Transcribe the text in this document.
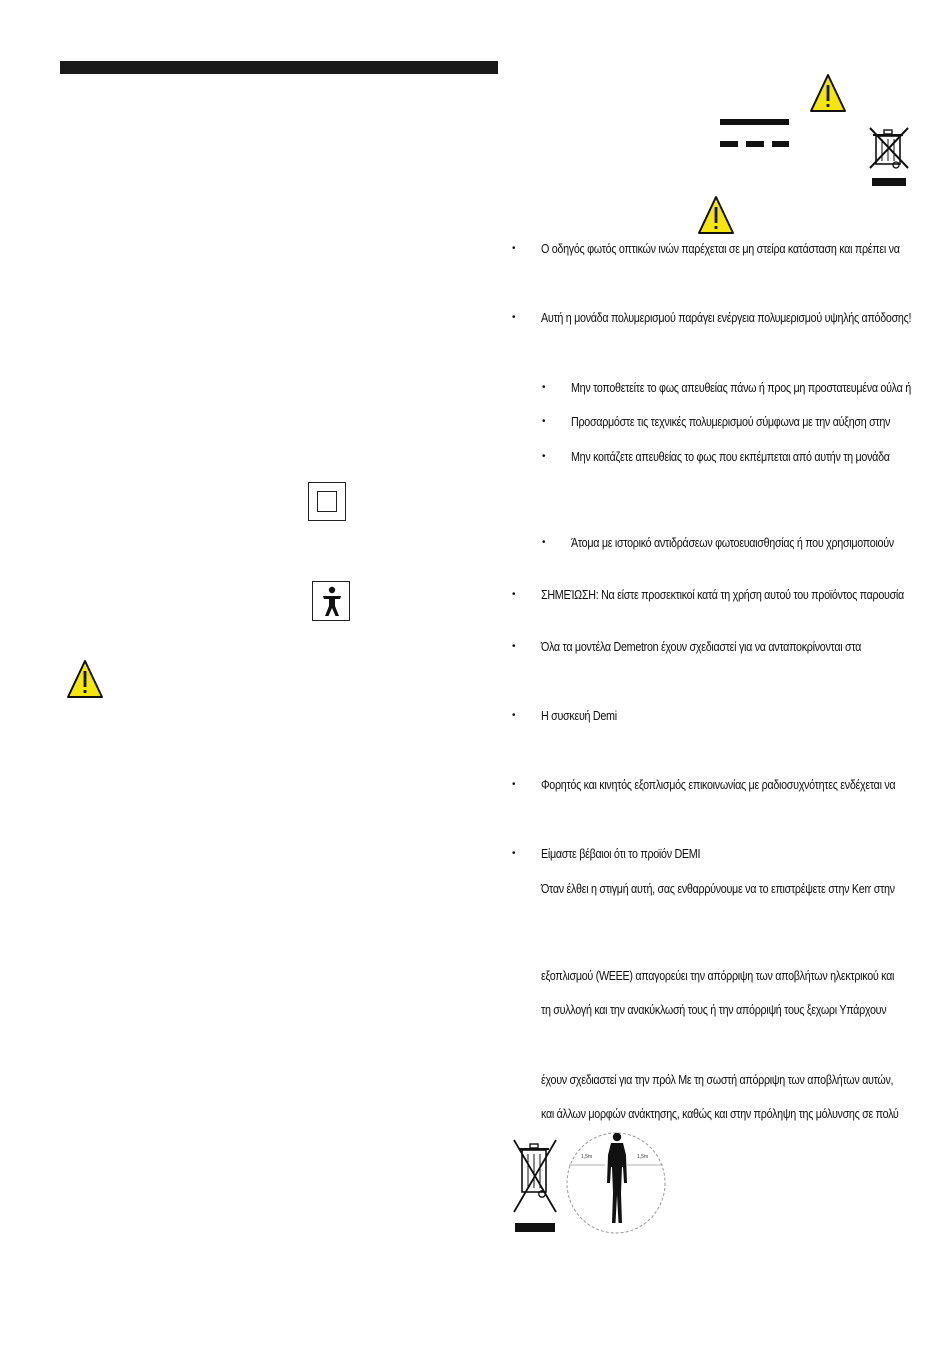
• Ο οδηγός φωτός οπτικών ινών παρέχεται σε μη στείρα κατάσταση και πρέπει να
• Αυτή η μονάδα πολυμερισμού παράγει ενέργεια πολυμερισμού υψηλής απόδοσης!
• Μην τοποθετείτε το φως απευθείας πάνω ή προς μη προστατευμένα ούλα ή
• Προσαρμόστε τις τεχνικές πολυμερισμού σύμφωνα με την αύξηση στην
• Μην κοιτάζετε απευθείας το φως που εκπέμπεται από αυτήν τη μονάδα
• Άτομα με ιστορικό αντιδράσεων φωτοευαισθησίας ή που χρησιμοποιούν
• ΣΗΜΕΊΩΣΗ: Να είστε προσεκτικοί κατά τη χρήση αυτού του προϊόντος παρουσία
• Όλα τα μοντέλα Demetron έχουν σχεδιαστεί για να ανταποκρίνονται στα
• Η συσκευή Demi
• Φορητός και κινητός εξοπλισμός επικοινωνίας με ραδιοσυχνότητες ενδέχεται να
• Είμαστε βέβαιοι ότι το προϊόν DEMI
Όταν έλθει η στιγμή αυτή, σας ενθαρρύνουμε να το επιστρέψετε στην Kerr στην
εξοπλισμού (WEEE) απαγορεύει την απόρριψη των αποβλήτων ηλεκτρικού και
τη συλλογή και την ανακύκλωσή τους ή την απόρριψή τους ξεχωρι Υπάρχουν
έχουν σχεδιαστεί για την πρόλ Με τη σωστή απόρριψη των αποβλήτων αυτών,
και άλλων μορφών ανάκτησης, καθώς και στην πρόληψη της μόλυνσης σε πολύ
1,5m	1,5m
